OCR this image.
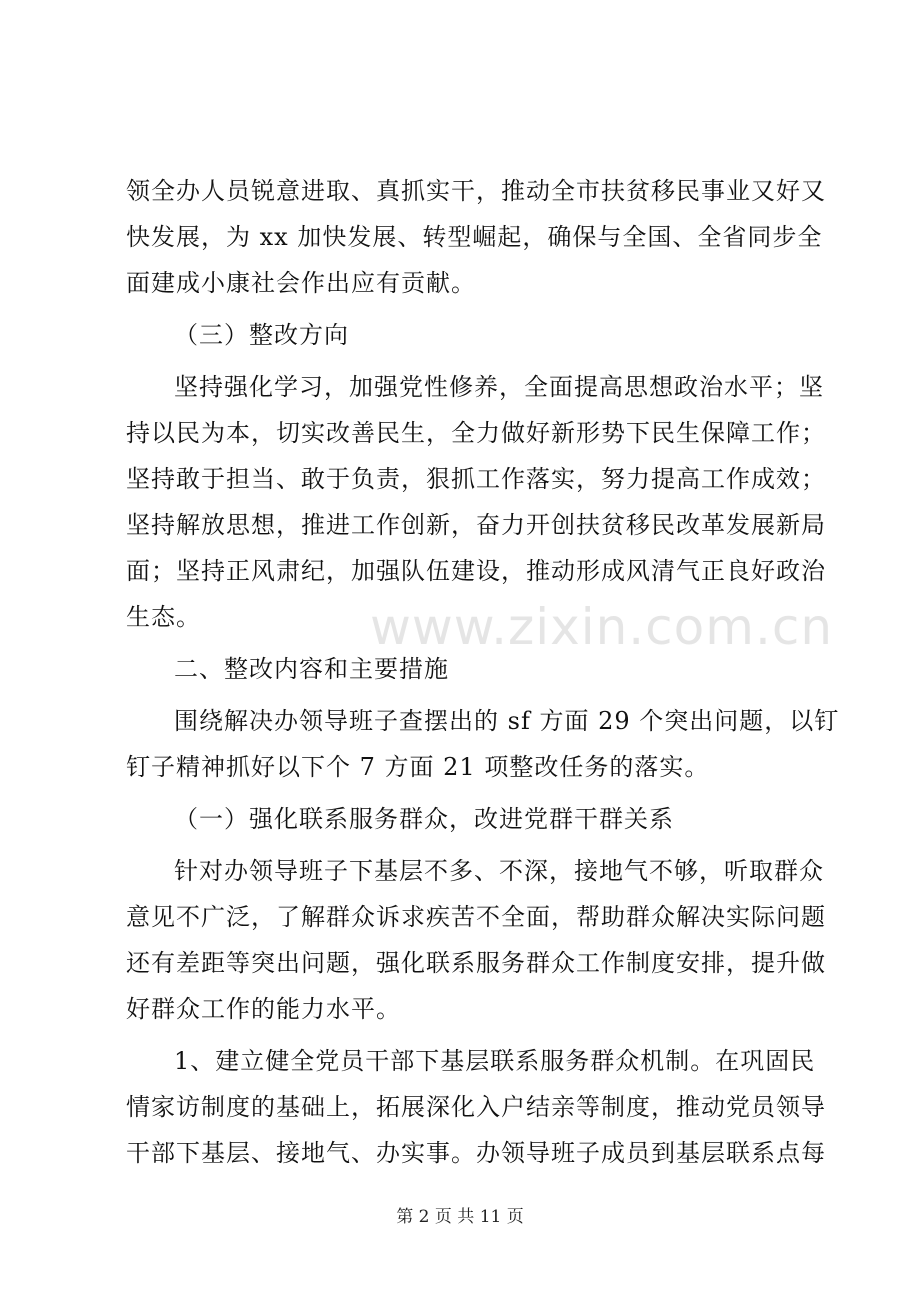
领全办人员锐意进取、真抓实干，推动全市扶贫移民事业又好又
快发展，为 xx 加快发展、转型崛起，确保与全国、全省同步全
面建成小康社会作出应有贡献。
（三）整改方向
坚持强化学习，加强党性修养，全面提高思想政治水平；坚
持以民为本，切实改善民生，全力做好新形势下民生保障工作；
坚持敢于担当、敢于负责，狠抓工作落实，努力提高工作成效；
坚持解放思想，推进工作创新，奋力开创扶贫移民改革发展新局
面；坚持正风肃纪，加强队伍建设，推动形成风清气正良好政治
生态。
二、整改内容和主要措施
围绕解决办领导班子查摆出的 sf 方面 29 个突出问题，以钉
钉子精神抓好以下个 7 方面 21 项整改任务的落实。
（一）强化联系服务群众，改进党群干群关系
针对办领导班子下基层不多、不深，接地气不够，听取群众
意见不广泛，了解群众诉求疾苦不全面，帮助群众解决实际问题
还有差距等突出问题，强化联系服务群众工作制度安排，提升做
好群众工作的能力水平。
1、建立健全党员干部下基层联系服务群众机制。在巩固民
情家访制度的基础上，拓展深化入户结亲等制度，推动党员领导
干部下基层、接地气、办实事。办领导班子成员到基层联系点每
www.zixin.com.cn
第 2 页 共 11 页
